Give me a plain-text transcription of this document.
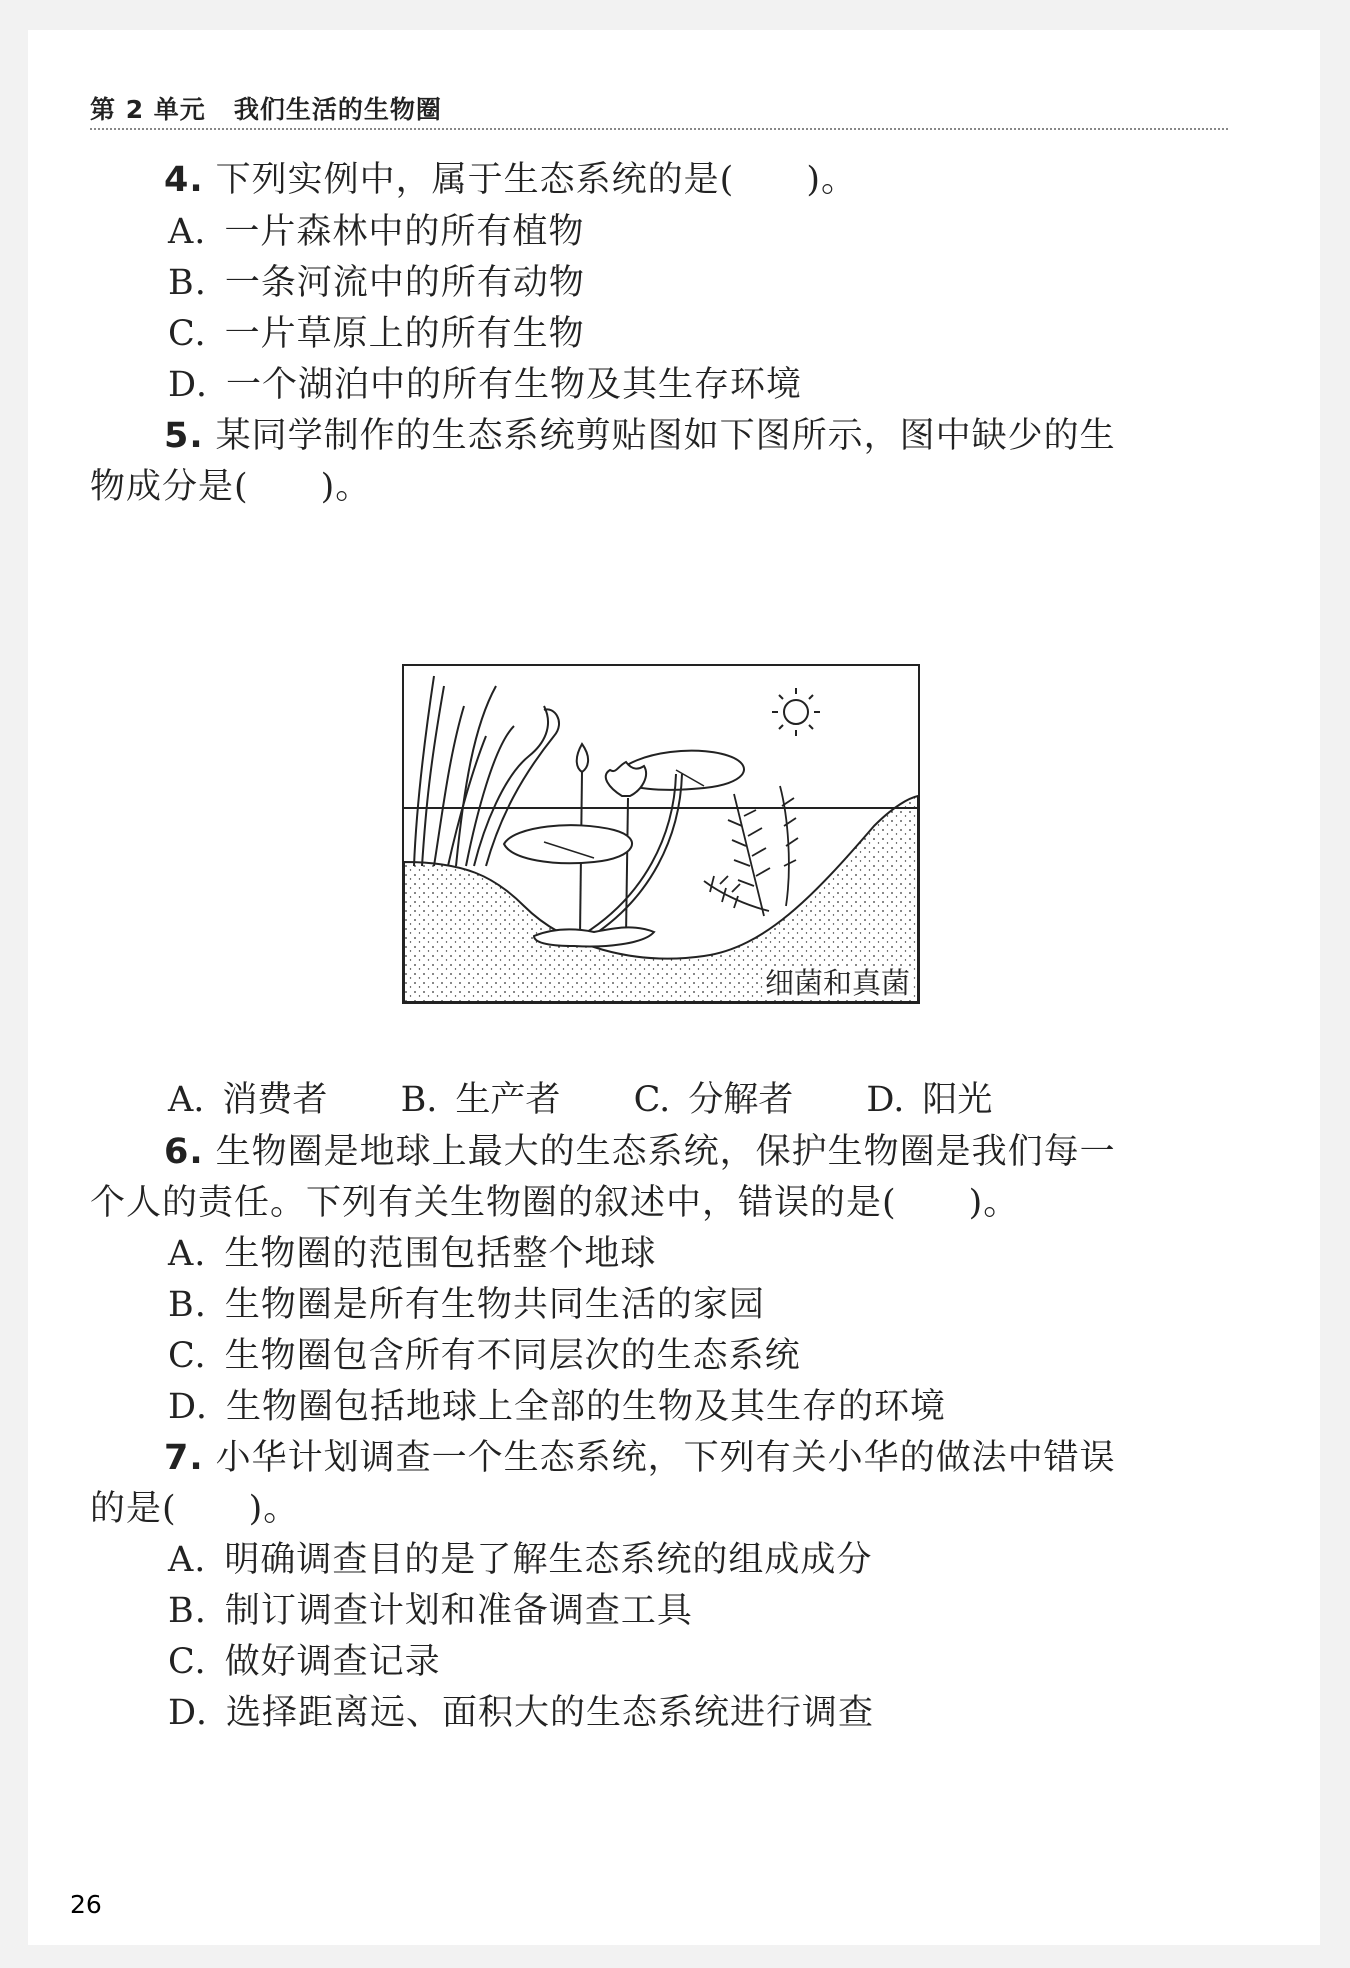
第 2 单元 我们生活的生物圈
4. 下列实例中，属于生态系统的是(　　)。
A. 一片森林中的所有植物
B. 一条河流中的所有动物
C. 一片草原上的所有生物
D. 一个湖泊中的所有生物及其生存环境
5. 某同学制作的生态系统剪贴图如下图所示，图中缺少的生
物成分是(　　)。
细菌和真菌
A. 消费者 B. 生产者 C. 分解者 D. 阳光
6. 生物圈是地球上最大的生态系统，保护生物圈是我们每一
个人的责任。下列有关生物圈的叙述中，错误的是(　　)。
A. 生物圈的范围包括整个地球
B. 生物圈是所有生物共同生活的家园
C. 生物圈包含所有不同层次的生态系统
D. 生物圈包括地球上全部的生物及其生存的环境
7. 小华计划调查一个生态系统，下列有关小华的做法中错误
的是(　　)。
A. 明确调查目的是了解生态系统的组成成分
B. 制订调查计划和准备调查工具
C. 做好调查记录
D. 选择距离远、面积大的生态系统进行调查
26
